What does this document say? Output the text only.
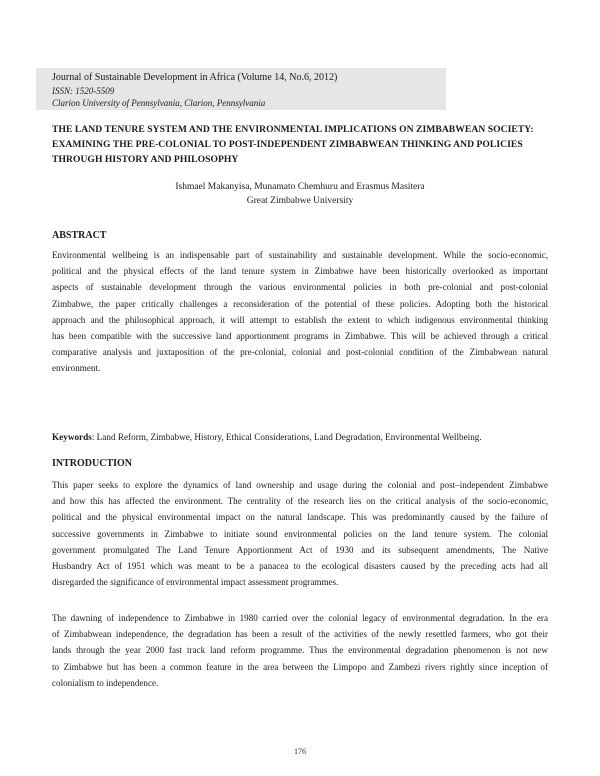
Journal of Sustainable Development in Africa (Volume 14, No.6, 2012)
ISSN: 1520-5509
Clarion University of Pennsylvania, Clarion, Pennsylvania
THE LAND TENURE SYSTEM AND THE ENVIRONMENTAL IMPLICATIONS ON ZIMBABWEAN SOCIETY:
EXAMINING THE PRE-COLONIAL TO POST-INDEPENDENT ZIMBABWEAN THINKING AND POLICIES
THROUGH HISTORY AND PHILOSOPHY
Ishmael Makanyisa, Munamato Chemhuru and Erasmus Masitera
Great Zimbabwe University
ABSTRACT
Environmental wellbeing is an indispensable part of sustainability and sustainable development. While the socio-economic,
political and the physical effects of the land tenure system in Zimbabwe have been historically overlooked as important
aspects of sustainable development through the various environmental policies in both pre-colonial and post-colonial
Zimbabwe, the paper critically challenges a reconsideration of the potential of these policies. Adopting both the historical
approach and the philosophical approach, it will attempt to establish the extent to which indigenous environmental thinking
has been compatible with the successive land apportionment programs in Zimbabwe. This will be achieved through a critical
comparative analysis and juxtaposition of the pre-colonial, colonial and post-colonial condition of the Zimbabwean natural
environment.
Keywords: Land Reform, Zimbabwe, History, Ethical Considerations, Land Degradation, Environmental Wellbeing.
INTRODUCTION
This paper seeks to explore the dynamics of land ownership and usage during the colonial and post–independent Zimbabwe
and how this has affected the environment. The centrality of the research lies on the critical analysis of the socio-economic,
political and the physical environmental impact on the natural landscape. This was predominantly caused by the failure of
successive governments in Zimbabwe to initiate sound environmental policies on the land tenure system. The colonial
government promulgated The Land Tenure Apportionment Act of 1930 and its subsequent amendments, The Native
Husbandry Act of 1951 which was meant to be a panacea to the ecological disasters caused by the preceding acts had all
disregarded the significance of environmental impact assessment programmes.
The dawning of independence to Zimbabwe in 1980 carried over the colonial legacy of environmental degradation. In the era
of Zimbabwean independence, the degradation has been a result of the activities of the newly resettled farmers, who got their
lands through the year 2000 fast track land reform programme. Thus the environmental degradation phenomenon is not new
to Zimbabwe but has been a common feature in the area between the Limpopo and Zambezi rivers rightly since inception of
colonialism to independence.
176
